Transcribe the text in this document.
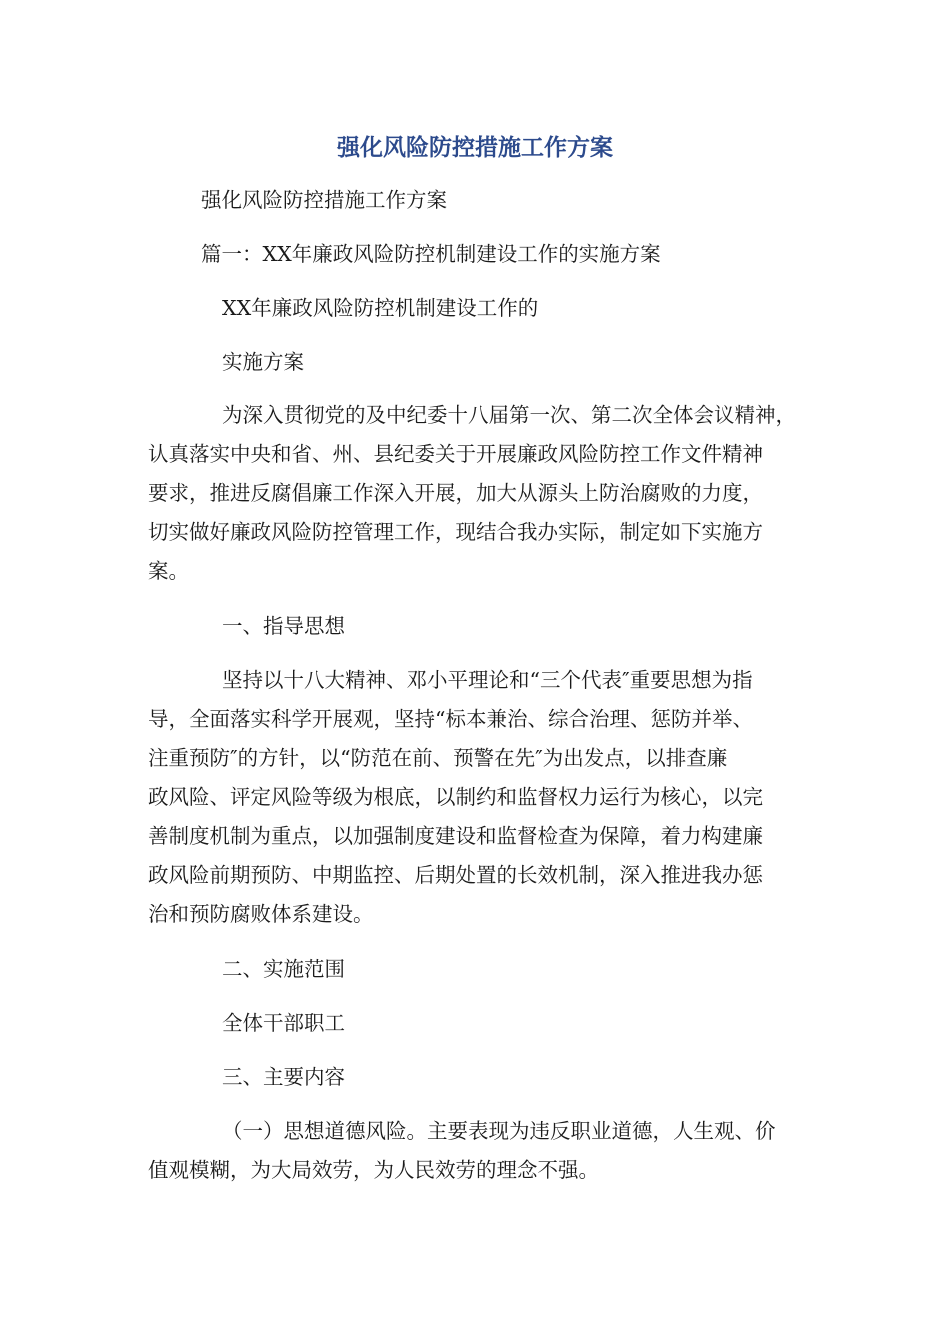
强化风险防控措施工作方案

强化风险防控措施工作方案

篇一：XX年廉政风险防控机制建设工作的实施方案

XX年廉政风险防控机制建设工作的

实施方案

为深入贯彻党的及中纪委十八届第一次、第二次全体会议精神，

认真落实中央和省、州、县纪委关于开展廉政风险防控工作文件精神

要求，推进反腐倡廉工作深入开展，加大从源头上防治腐败的力度，

切实做好廉政风险防控管理工作，现结合我办实际，制定如下实施方

案。

一、指导思想

坚持以十八大精神、邓小平理论和“三个代表″重要思想为指

导，全面落实科学开展观，坚持“标本兼治、综合治理、惩防并举、

注重预防″的方针，以“防范在前、预警在先″为出发点，以排查廉

政风险、评定风险等级为根底，以制约和监督权力运行为核心，以完

善制度机制为重点，以加强制度建设和监督检查为保障，着力构建廉

政风险前期预防、中期监控、后期处置的长效机制，深入推进我办惩

治和预防腐败体系建设。

二、实施范围

全体干部职工

三、主要内容

（一）思想道德风险。主要表现为违反职业道德，人生观、价

值观模糊，为大局效劳，为人民效劳的理念不强。
